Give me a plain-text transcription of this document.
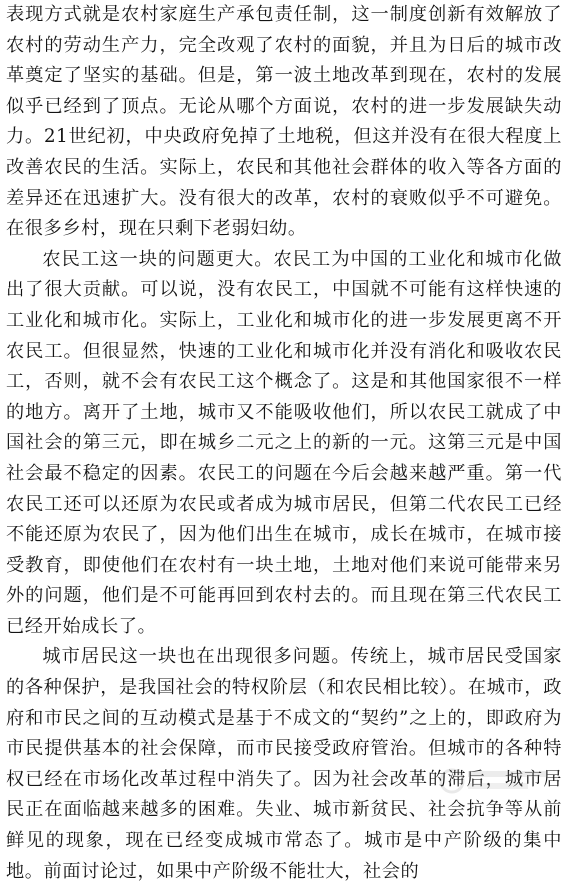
表现方式就是农村家庭生产承包责任制，这一制度创新有效解放了农村的劳动生产力，完全改观了农村的面貌，并且为日后的城市改革奠定了坚实的基础。但是，第一波土地改革到现在，农村的发展似乎已经到了顶点。无论从哪个方面说，农村的进一步发展缺失动力。21世纪初，中央政府免掉了土地税，但这并没有在很大程度上改善农民的生活。实际上，农民和其他社会群体的收入等各方面的差异还在迅速扩大。没有很大的改革，农村的衰败似乎不可避免。在很多乡村，现在只剩下老弱妇幼。

农民工这一块的问题更大。农民工为中国的工业化和城市化做出了很大贡献。可以说，没有农民工，中国就不可能有这样快速的工业化和城市化。实际上，工业化和城市化的进一步发展更离不开农民工。但很显然，快速的工业化和城市化并没有消化和吸收农民工，否则，就不会有农民工这个概念了。这是和其他国家很不一样的地方。离开了土地，城市又不能吸收他们，所以农民工就成了中国社会的第三元，即在城乡二元之上的新的一元。这第三元是中国社会最不稳定的因素。农民工的问题在今后会越来越严重。第一代农民工还可以还原为农民或者成为城市居民，但第二代农民工已经不能还原为农民了，因为他们出生在城市，成长在城市，在城市接受教育，即使他们在农村有一块土地，土地对他们来说可能带来另外的问题，他们是不可能再回到农村去的。而且现在第三代农民工已经开始成长了。

城市居民这一块也在出现很多问题。传统上，城市居民受国家的各种保护，是我国社会的特权阶层（和农民相比较）。在城市，政府和市民之间的互动模式是基于不成文的“契约”之上的，即政府为市民提供基本的社会保障，而市民接受政府管治。但城市的各种特权已经在市场化改革过程中消失了。因为社会改革的滞后，城市居民正在面临越来越多的困难。失业、城市新贫民、社会抗争等从前鲜见的现象，现在已经变成城市常态了。城市是中产阶级的集中地。前面讨论过，如果中产阶级不能壮大，社会的
